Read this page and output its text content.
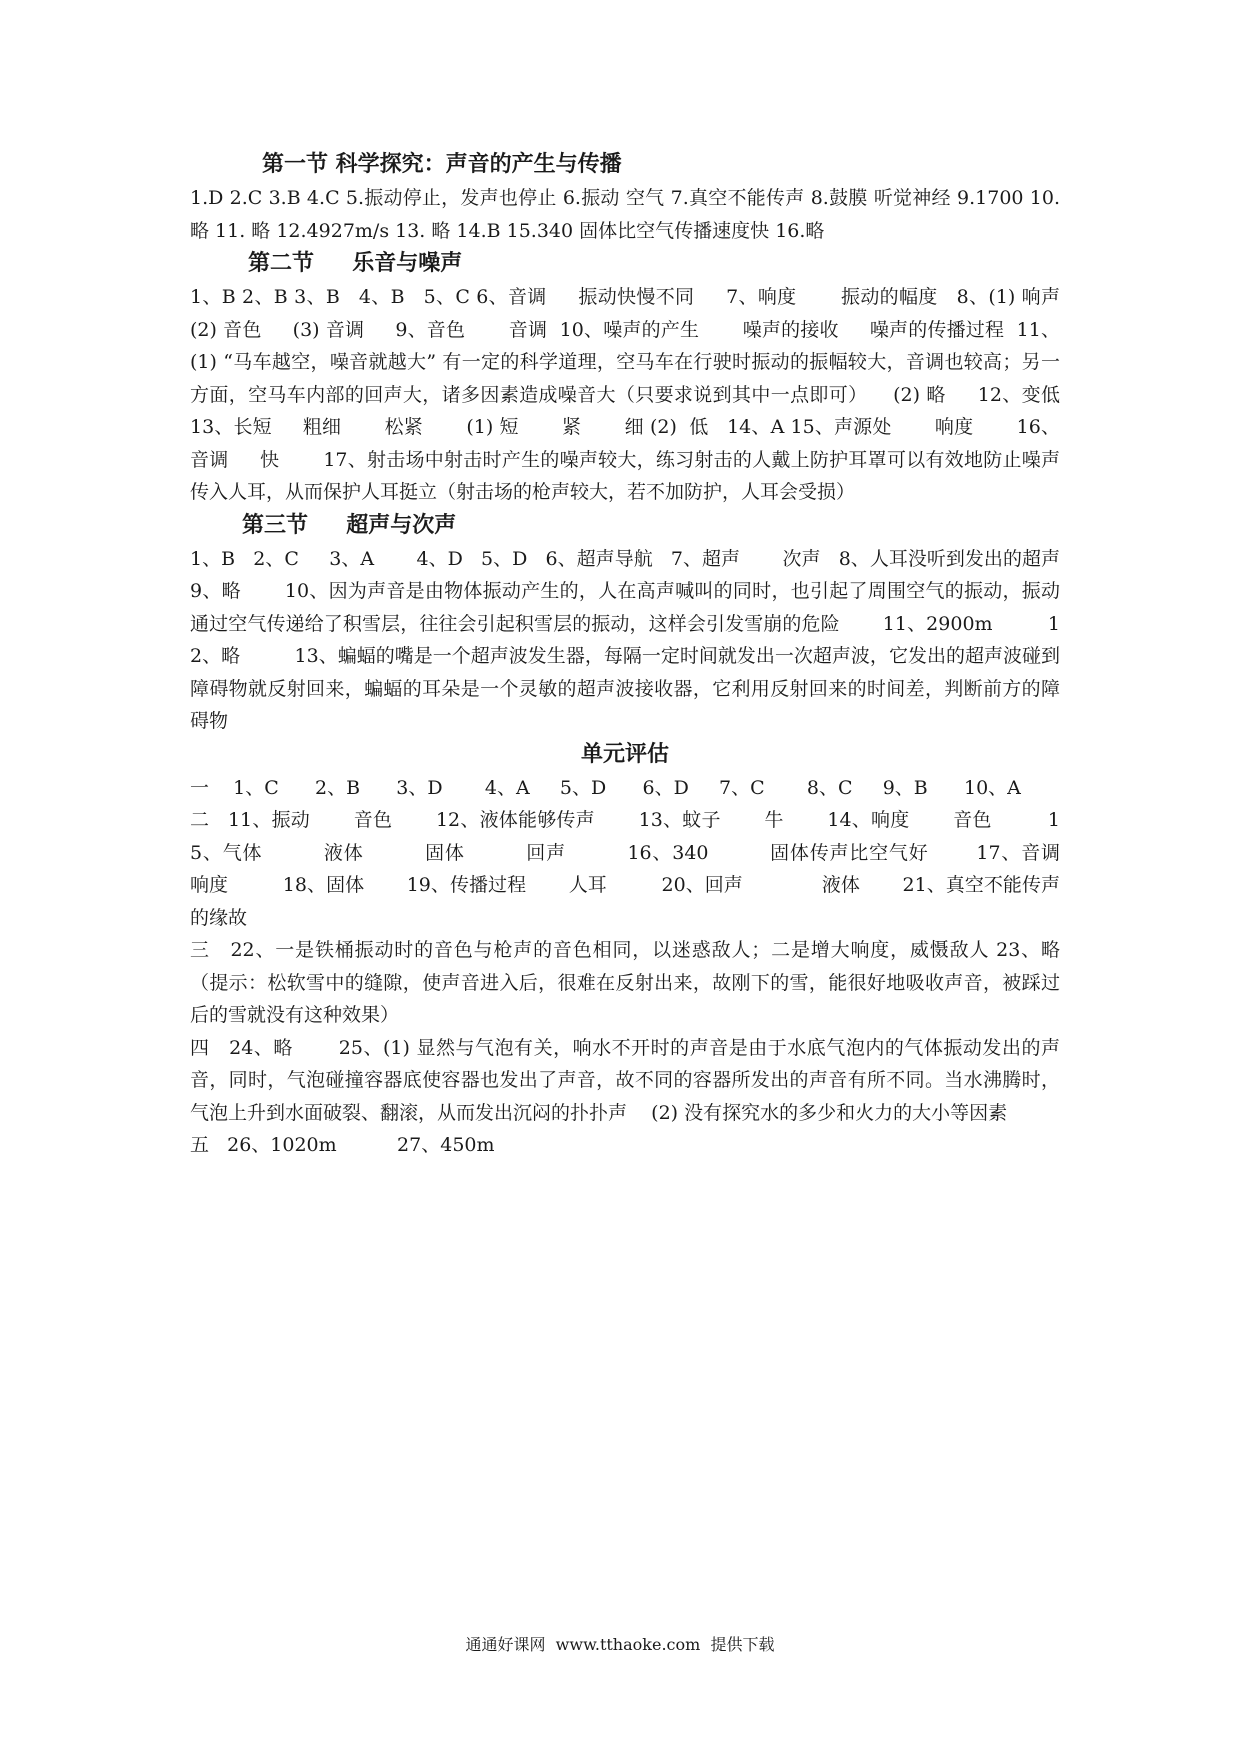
第一节 科学探究：声音的产生与传播

1.D 2.C 3.B 4.C 5.振动停止，发声也停止 6.振动 空气 7.真空不能传声 8.鼓膜 听觉神经 9.1700 10. 略 11. 略 12.4927m/s 13. 略 14.B 15.340 固体比空气传播速度快 16.略

第二节     乐音与噪声

1、B 2、B 3、B   4、B   5、C 6、音调     振动快慢不同     7、响度       振动的幅度   8、(1) 响声     (2) 音色     (3) 音调     9、音色       音调  10、噪声的产生       噪声的接收     噪声的传播过程  11、(1) “马车越空，噪音就越大” 有一定的科学道理，空马车在行驶时振动的振幅较大，音调也较高；另一方面，空马车内部的回声大，诸多因素造成噪音大（只要求说到其中一点即可）    (2) 略     12、变低 13、长短     粗细       松紧       (1) 短       紧       细 (2)  低   14、A 15、声源处       响度       16、音调     快       17、射击场中射击时产生的噪声较大，练习射击的人戴上防护耳罩可以有效地防止噪声传入人耳，从而保护人耳挺立（射击场的枪声较大，若不加防护，人耳会受损）

第三节     超声与次声

1、B   2、C     3、A       4、D   5、D   6、超声导航   7、超声       次声   8、人耳没听到发出的超声       9、略       10、因为声音是由物体振动产生的，人在高声喊叫的同时，也引起了周围空气的振动，振动通过空气传递给了积雪层，往往会引起积雪层的振动，这样会引发雪崩的危险       11、2900m         12、略         13、蝙蝠的嘴是一个超声波发生器，每隔一定时间就发出一次超声波，它发出的超声波碰到障碍物就反射回来，蝙蝠的耳朵是一个灵敏的超声波接收器，它利用反射回来的时间差，判断前方的障碍物

单元评估

一    1、C      2、B      3、D       4、A     5、D      6、D     7、C       8、C     9、B      10、A

二   11、振动       音色       12、液体能够传声       13、蚊子       牛       14、响度       音色         15、气体         液体         固体         回声         16、340         固体传声比空气好       17、音调         响度         18、固体       19、传播过程       人耳         20、回声             液体       21、真空不能传声的缘故

三   22、一是铁桶振动时的音色与枪声的音色相同，以迷惑敌人；二是增大响度，威慑敌人 23、略（提示：松软雪中的缝隙，使声音进入后，很难在反射出来，故刚下的雪，能很好地吸收声音，被踩过后的雪就没有这种效果）

四   24、略       25、(1) 显然与气泡有关，响水不开时的声音是由于水底气泡内的气体振动发出的声音，同时，气泡碰撞容器底使容器也发出了声音，故不同的容器所发出的声音有所不同。当水沸腾时，气泡上升到水面破裂、翻滚，从而发出沉闷的扑扑声    (2) 没有探究水的多少和火力的大小等因素

五   26、1020m          27、450m

通通好课网  www.tthaoke.com  提供下载
